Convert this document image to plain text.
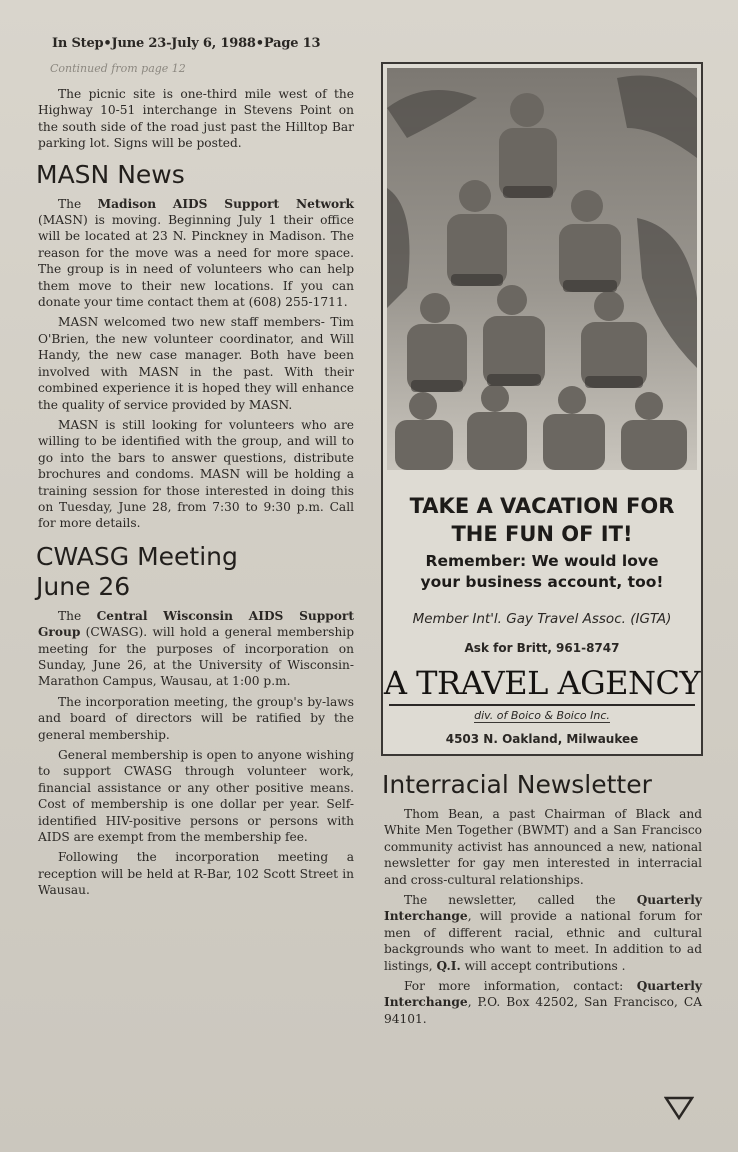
In Step•June 23-July 6, 1988•Page 13
Continued from page 12

The picnic site is one-third mile west of the Highway 10-51 interchange in Stevens Point on the south side of the road just past the Hilltop Bar parking lot. Signs will be posted.

MASN News

The Madison AIDS Support Network (MASN) is moving. Beginning July 1 their office will be located at 23 N. Pinckney in Madison. The reason for the move was a need for more space. The group is in need of volunteers who can help them move to their new locations. If you can donate your time contact them at (608) 255-1711.

MASN welcomed two new staff members- Tim O'Brien, the new volunteer coordinator, and Will Handy, the new case manager. Both have been involved with MASN in the past. With their combined experience it is hoped they will enhance the quality of service provided by MASN.

MASN is still looking for volunteers who are willing to be identified with the group, and will to go into the bars to answer questions, distribute brochures and condoms. MASN will be holding a training session for those interested in doing this on Tuesday, June 28, from 7:30 to 9:30 p.m. Call for more details.

CWASG Meeting
June 26

The Central Wisconsin AIDS Support Group (CWASG). will hold a general membership meeting for the purposes of incorporation on Sunday, June 26, at the University of Wisconsin-Marathon Campus, Wausau, at 1:00 p.m.

The incorporation meeting, the group's by-laws and board of directors will be ratified by the general membership.

General membership is open to anyone wishing to support CWASG through volunteer work, financial assistance or any other positive means. Cost of membership is one dollar per year. Self-identified HIV-positive persons or persons with AIDS are exempt from the membership fee.

Following the incorporation meeting a reception will be held at R-Bar, 102 Scott Street in Wausau.

TAKE A VACATION FOR
THE FUN OF IT!
Remember: We would love
your business account, too!
Member Int'l. Gay Travel Assoc. (IGTA)
Ask for Britt, 961-8747
A TRAVEL AGENCY
div. of Boico & Boico Inc.
4503 N. Oakland, Milwaukee
Interracial Newsletter

Thom Bean, a past Chairman of Black and White Men Together (BWMT) and a San Francisco community activist has announced a new, national newsletter for gay men interested in interracial and cross-cultural relationships.

The newsletter, called the Quarterly Interchange, will provide a national forum for men of different racial, ethnic and cultural backgrounds who want to meet. In addition to ad listings, Q.I. will accept contributions .

For more information, contact: Quarterly Interchange, P.O. Box 42502, San Francisco, CA 94101.
